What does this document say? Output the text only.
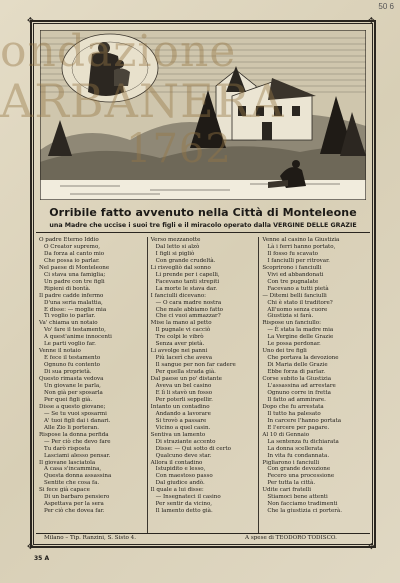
50 6
✥	✥
✥	✥
ondazione
ARBANERA
1762
Orribile fatto avvenuto nella Città di Monteleone
una Madre che uccise i suoi tre figli e il miracolo operato dalla VERGINE DELLE GRAZIE
O padre Eterno Iddio
O Creator supremo,
Da forza al canto mio
Che possa io parlar.
Nel paese di Monteleone
Ci stava una famiglia;
Un padre con tre figli
Ripieni di bontà.
Il padre cadde infermo
D'una seria malattia,
E disse: — moglie mia
Ti voglio io parlar.
Va' chiama un notaio
Vo' fare il testamento,
A quest'anime innocenti
Le parti voglio far.
Venne il notaio
E fece il testamento
Ognuno fu contento
Di sua proprietà.
Questo rimasta vedova
Un giovane le parla,
Non già per sposarla
Per quei figli già.
Disse a questo giovane;
— Se tu vuoi sposarmi
A' tuoi figli dai i danari.
Alle Zio li porteran.
Rispose la donna perfida
— Per ciò che devo fare
Tu darò risposta
Lasciami alesso pensar.
Il giovane lasciatola
A casa s'incammina,
Questa donna assassina
Sentite che cosa fa.
Si fece già capace
Di un barbaro pensiero
Aspettava per la sera
Per ciò che dovea far.
Verso mezzanotte
Dal letto si alzò
I figli si pigliò
Con grande crudeltà.
Li risvegliò dal sonno
Li prende per i capelli,
Facevano tanti strepiti
La morte le stava dar.
I fanciulli dicevano:
— O cara madre nostra
Che male abbiamo fatto
Che ci vuoi ammazzar?
Mise la mano al petto
Il pugnale vi cacciò
Tre colpi le vibrò
Senza aver pietà.
Li avvolge nei panni
Più lacerì che aveva
Il sangue per non far cadere
Per quella strada già.
Dal paese un po' distante
Aveva un bel casino
E lì li stavò un fosso
Per poterli seppellir.
Intanto un contadino
Andando a lavorare
Si trovò a passare
Vicino a quel casin.
Sentiva un lamento
Di straziante accento
Disse: — Qui sotto di certo
Qualcuno deve star.
Allora il contadino
Istupidito e lesso,
Con maestoso passo
Dal giudice andò.
Il quale a lui disse:
— Insegnateci il casino
Per sentir da vicino,
Il lamento detto già.
Venne al casino la Giustizia
Là i ferri hanno portato,
Il fosso fu scavato
I fanciulli per ritrovar.
Scoprirono i fanciulli
Vivi ed abbandonati
Con tre pugnalate
Facevano a tutti pietà
— Ditemi belli fanciulli
Chi è stato il traditore?
All'uomo senza cuore
Giustizia si farà.
Rispose un fanciullo:
— È stata la madre mia
La Vergine delle Grazie
Le possa perdonar.
Uno dei tre figli
Che portava la devozione
Di Maria delle Grazie
Ebbe forza di parlar.
Corse subito la Giustizia
L'assassina ad arrestare
Ognuno corre in fretta
Il fatto ad ammirare.
Dopo che fu arrestata
Il tutto ha palesato
In carcere l'hanno portata
E l'ercere per pagare.
Al 10 di Gennaio
La sentenza fu dichiarata
La donna scellerata
In vita fu condannata.
Pigliarono i fanciulli
Con grande devozione
Fecero una processione
Per tutta la città.
Udite cari fratelli
Stiamoci bene attenti
Non facciamo tradimenti
Che la giustizia ci porterà.
Milano – Tip. Ranzini, S. Sisto 4.	A spese di TEODORO TODISCO.
35 A
